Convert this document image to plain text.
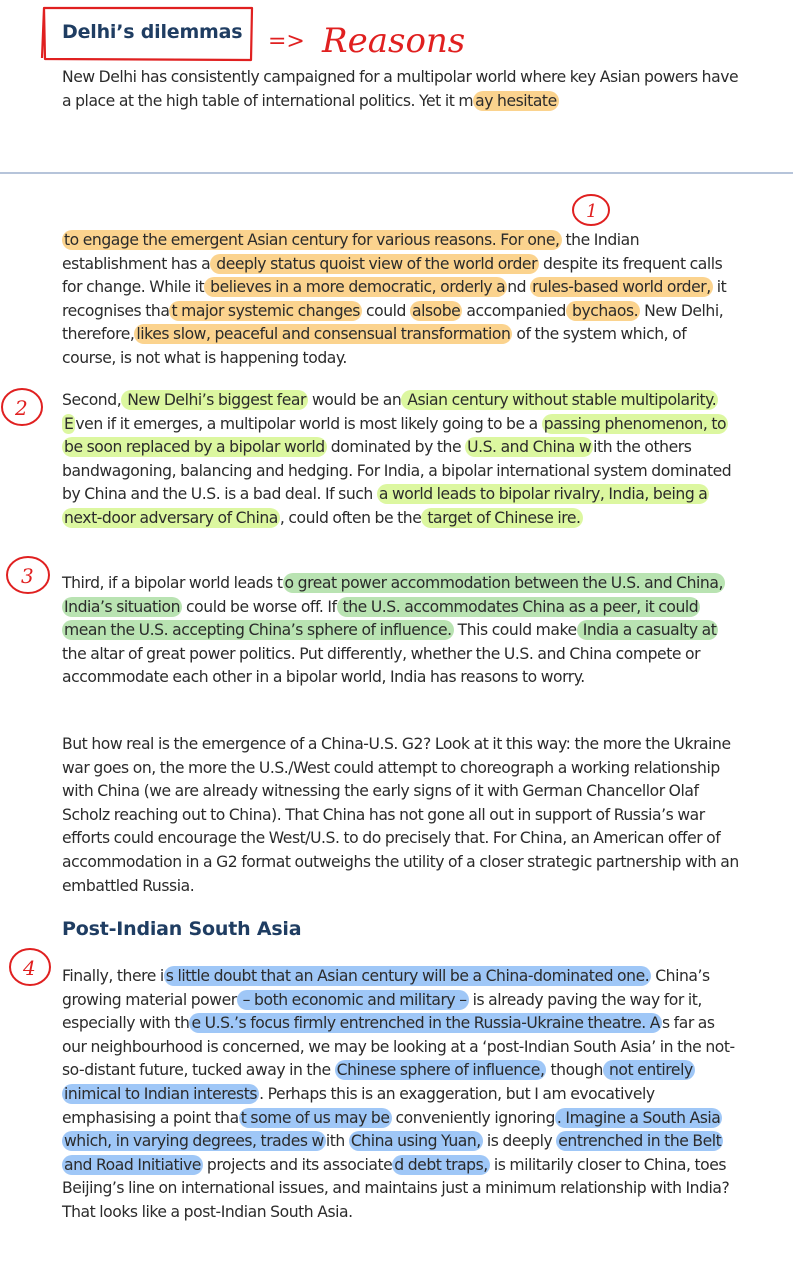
Delhi’s dilemmas
Post-Indian South Asia

New Delhi has consistently campaigned for a multipolar world where key Asian powers have a place at the high table of international politics. Yet it m ay hesitate

to engage the emergent Asian century for various reasons. For one, the Indian establishment has a deeply status quoist view of the world order despite its frequent calls for change. While it believes in a more democratic, orderly a nd rules-based world order, it recognises tha t major systemic changes could alsobe accompanied bychaos. New Delhi, therefore, likes slow, peaceful and consensual transformation of the system which, of course, is not what is happening today.

Second, New Delhi’s biggest fear would be an Asian century without stable multipolarity. E ven if it emerges, a multipolar world is most likely going to be a passing phenomenon, to be soon replaced by a bipolar world dominated by the U.S. and China w ith the others bandwagoning, balancing and hedging. For India, a bipolar international system dominated by China and the U.S. is a bad deal. If such a world leads to bipolar rivalry, India, being a next-door adversary of China , could often be the target of Chinese ire.

Third, if a bipolar world leads t o great power accommodation between the U.S. and China, India’s situation could be worse off. If the U.S. accommodates China as a peer, it could mean the U.S. accepting China’s sphere of influence. This could make India a casualty at the altar of great power politics. Put differently, whether the U.S. and China compete or accommodate each other in a bipolar world, India has reasons to worry.

But how real is the emergence of a China-U.S. G2? Look at it this way: the more the Ukraine war goes on, the more the U.S./West could attempt to choreograph a working relationship with China (we are already witnessing the early signs of it with German Chancellor Olaf Scholz reaching out to China). That China has not gone all out in support of Russia’s war efforts could encourage the West/U.S. to do precisely that. For China, an American offer of accommodation in a G2 format outweighs the utility of a closer strategic partnership with an embattled Russia.

Finally, there i s little doubt that an Asian century will be a China-dominated one. China’s growing material power – both economic and military – is already paving the way for it, especially with th e U.S.’s focus firmly entrenched in the Russia-Ukraine theatre. A s far as our neighbourhood is concerned, we may be looking at a ‘post-Indian South Asia’ in the not-so-distant future, tucked away in the Chinese sphere of influence, though not entirely inimical to Indian interests . Perhaps this is an exaggeration, but I am evocatively emphasising a point tha t some of us may be conveniently ignoring . Imagine a South Asia which, in varying degrees, trades w ith China using Yuan, is deeply entrenched in the Belt and Road Initiative projects and its associate d debt traps, is militarily closer to China, toes Beijing’s line on international issues, and maintains just a minimum relationship with India? That looks like a post-Indian South Asia.

=> Reasons
1
2
3
4
